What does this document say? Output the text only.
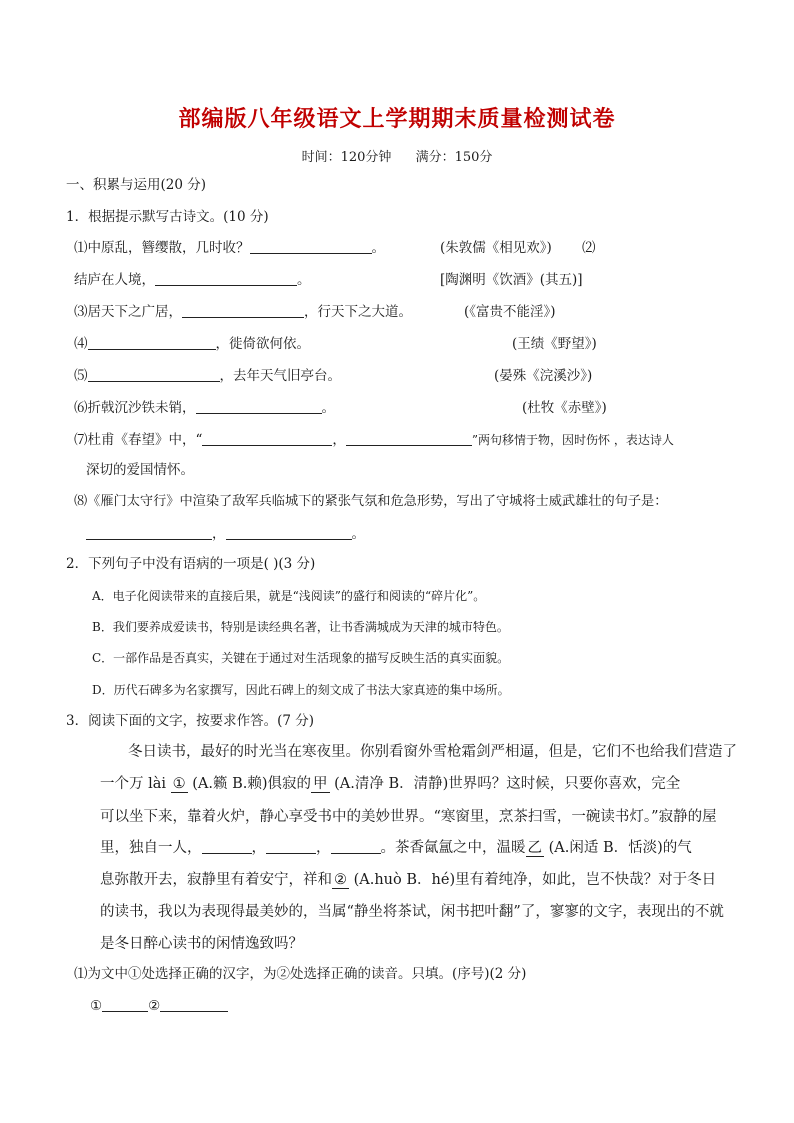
部编版八年级语文上学期期末质量检测试卷
时间：120分钟 满分：150分
一、积累与运用(20 分)
1．根据提示默写古诗文。(10 分)
⑴中原乱，簪缨散，几时收？	。	(朱敦儒《相见欢》) ⑵
结庐在人境，	。	[陶渊明《饮酒》(其五)]
⑶居天下之广居，	，行天下之大道。	(《富贵不能淫》)
⑷	，徙倚欲何依。	(王绩《野望》)
⑸	，去年天气旧亭台。	(晏殊《浣溪沙》)
⑹折戟沉沙铁未销，	。	(杜牧《赤壁》)
⑺杜甫《春望》中，“	，	”两句移情于物，因时伤怀 ，表达诗人
深切的爱国情怀。
⑻《雁门太守行》中渲染了敌军兵临城下的紧张气氛和危急形势，写出了守城将士威武雄壮的句子是：
，	。
2．下列句子中没有语病的一项是( )(3 分)
A．电子化阅读带来的直接后果，就是“浅阅读”的盛行和阅读的“碎片化”。
B．我们要养成爱读书，特别是读经典名著，让书香满城成为天津的城市特色。
C．一部作品是否真实，关键在于通过对生活现象的描写反映生活的真实面貌。
D．历代石碑多为名家撰写，因此石碑上的刻文成了书法大家真迹的集中场所。
3．阅读下面的文字，按要求作答。(7 分)
冬日读书，最好的时光当在寒夜里。你别看窗外雪枪霜剑严相逼，但是，它们不也给我们营造了
一个万 lài ① (A.籁 B.赖)俱寂的 甲 (A.清净 B．清静)世界吗？这时候，只要你喜欢，完全
可以坐下来，靠着火炉，静心享受书中的美妙世界。“寒窗里，烹茶扫雪，一碗读书灯。”寂静的屋
里，独自一人，	，	，	。茶香氤氲之中，温暖 乙 (A.闲适 B．恬淡)的气
息弥散开去，寂静里有着安宁，祥和 ② (A.huò B．hé)里有着纯净，如此，岂不快哉？对于冬日
的读书，我以为表现得最美妙的，当属“静坐将茶试，闲书把叶翻”了，寥寥的文字，表现出的不就
是冬日醉心读书的闲情逸致吗？
⑴为文中①处选择正确的汉字，为②处选择正确的读音。只填。(序号)(2 分)
①	②
